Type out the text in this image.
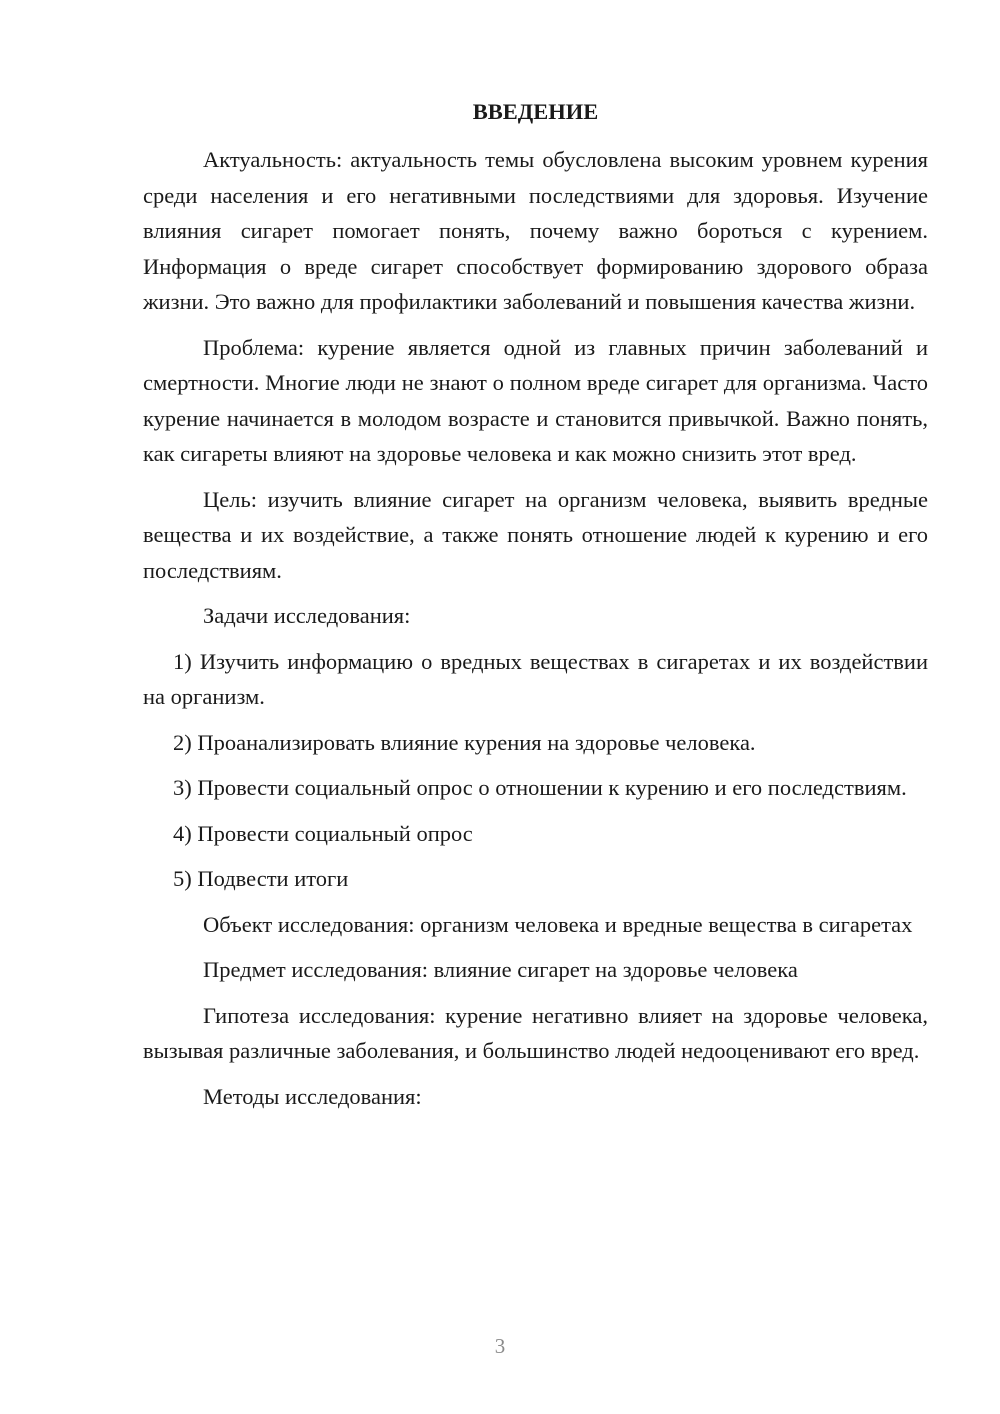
ВВЕДЕНИЕ

Актуальность: актуальность темы обусловлена высоким уровнем курения среди населения и его негативными последствиями для здоровья. Изучение влияния сигарет помогает понять, почему важно бороться с курением. Информация о вреде сигарет способствует формированию здорового образа жизни. Это важно для профилактики заболеваний и повышения качества жизни.

Проблема: курение является одной из главных причин заболеваний и смертности. Многие люди не знают о полном вреде сигарет для организма. Часто курение начинается в молодом возрасте и становится привычкой. Важно понять, как сигареты влияют на здоровье человека и как можно снизить этот вред.

Цель: изучить влияние сигарет на организм человека, выявить вредные вещества и их воздействие, а также понять отношение людей к курению и его последствиям.

Задачи исследования:

1) Изучить информацию о вредных веществах в сигаретах и их воздействии на организм.

2) Проанализировать влияние курения на здоровье человека.

3) Провести социальный опрос о отношении к курению и его последствиям.

4) Провести социальный опрос

5) Подвести итоги

Объект исследования: организм человека и вредные вещества в сигаретах

Предмет исследования: влияние сигарет на здоровье человека

Гипотеза исследования: курение негативно влияет на здоровье человека, вызывая различные заболевания, и большинство людей недооценивают его вред.

Методы исследования:

3
